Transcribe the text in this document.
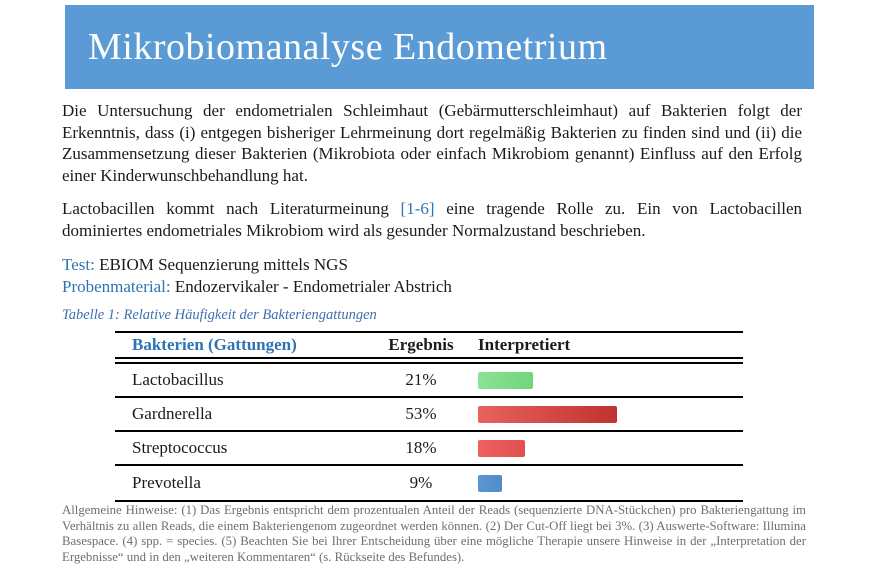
Mikrobiomanalyse Endometrium

Die Untersuchung der endometrialen Schleimhaut (Gebärmutterschleimhaut) auf Bakterien folgt der Erkenntnis, dass (i) entgegen bisheriger Lehrmeinung dort regelmäßig Bakterien zu finden sind und (ii) die Zusammensetzung dieser Bakterien (Mikrobiota oder einfach Mikrobiom genannt) Einfluss auf den Erfolg einer Kinderwunschbehandlung hat.

Lactobacillen kommt nach Literaturmeinung [1-6] eine tragende Rolle zu. Ein von Lactobacillen dominiertes endometriales Mikrobiom wird als gesunder Normalzustand beschrieben.

Test: EBIOM Sequenzierung mittels NGS
Probenmaterial: Endozervikaler - Endometrialer Abstrich
Tabelle 1: Relative Häufigkeit der Bakteriengattungen
Bakterien (Gattungen)	Ergebnis	Interpretiert
Lactobacillus	21%
Gardnerella	53%
Streptococcus	18%
Prevotella	9%
Allgemeine Hinweise: (1) Das Ergebnis entspricht dem prozentualen Anteil der Reads (sequenzierte DNA-Stückchen) pro Bakteriengattung im Verhältnis zu allen Reads, die einem Bakteriengenom zugeordnet werden können. (2) Der Cut-Off liegt bei 3%. (3) Auswerte-Software: Illumina Basespace. (4) spp. = species. (5) Beachten Sie bei Ihrer Entscheidung über eine mögliche Therapie unsere Hinweise in der „Interpretation der Ergebnisse“ und in den „weiteren Kommentaren“ (s. Rückseite des Befundes).
